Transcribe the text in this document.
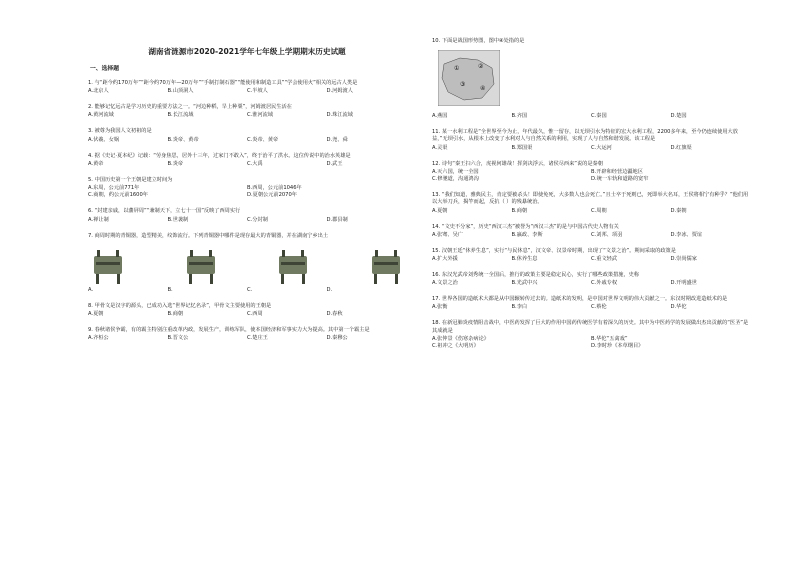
湖南省涟源市2020-2021学年七年级上学期期末历史试题
一、选择题
1. 与“距今约170万年”“距今约70万年—20万年”“手制打制石器”“能使用和制造工具”“学会使用火”相关的远古人类是
A.北京人	B.山顶洞人	C.半坡人	D.河姆渡人
2. 能够记忆远古是学习历史的重要方法之一。“河边种稻，旱上种粟”，河姆渡居民生活在
A.黄河流域	B.长江流域	C.淮河流域	D.珠江流域
3. 被尊为我国人文初祖的是
A.伏羲、女娲	B.炎帝、黄帝	C.炎帝、黄帝	D.尧、舜
4. 据《史记·夏本纪》记载：“劳身焦思，居外十三年，过家门不敢入”，终于治平了洪水。这位传说中的治水英雄是
A.黄帝	B.炎帝	C.大禹	D.武王
5. 中国历史第一个王朝是建立时间为
A.东周，公元前771年	B.西周，公元前1046年
C.商朝，约公元前1600年	D.夏朝公元前2070年
6. “封建亲戚，以藩屏周”“兼制天下，立七十一国”反映了西周实行
A.禅让制	B.世袭制	C.分封制	D.郡县制
7. 商周时期的青铜器，造型精美，纹饰流行。下列青铜器中哪件是现存最大的青铜器，并在湖南宁乡出土
A.	B.	C.	D.
8. 甲骨文是汉字的源头，已成功入选“世界记忆名录”，甲骨文主要使用的王朝是
A.夏朝	B.商朝	C.西周	D.春秋
9. 春秋诸侯争霸，有的霸主特别注重改革内政，发展生产，训练军队，使本国经济和军事实力大为提高。其中第一个霸主是
A.齐桓公	B.晋文公	C.楚庄王	D.秦穆公
10. 下面是战国形势图，图中④处指的是
①	②
③
④
A.燕国	B.齐国	C.秦国	D.楚国
11. 某一水利工程是“全世界至今为止，年代最久，惟一留存，以无坝引水为特征的宏大水利工程，2200多年来，至今仍连续使用大放益，”无坝引水，从根本上改变了水利对人与自然关系的利用，实现了人与自然和谐发展。该工程是
A.灵渠	B.郑国渠	C.大运河	D.红旗渠
12. 诗句“秦王扫六合，虎视何雄哉！挥剑决浮云，诸侯尽西来”说的是秦朝
A.灭六国，统一全国	B.开辟和经营边疆地区
C.修驰道，沟通鸿沟	D.统一车轨和道路的宽窄
13. “我们知道，雅典民主，肯定要被杀头！即使免死，大多数人也会死亡。”且士卒于死则已，死即举大名耳，王侯将相宁有种乎？”他们用以大举刀兵，揭竿而起，反抗（ ）的残暴统治。
A.夏朝	B.商朝	C.周朝	D.秦朝
14. “文史不分家”，历史“西汉三杰”被誉为“西汉三杰”的是与中国古代史人物有关
A.张骞、吴广	B.嬴政、李斯	C.刘邦、项羽	D.李冰、贾谊
15. 汉朝王廷“休养生息”，实行“与民休息”，汉文帝、汉景帝时期，出现了“文景之治”。期间采取的政策是
A.扩大外援	B.休养生息	C.重文轻武	D.崇尚儒家
16. 东汉光武帝刘秀统一全国后，推行的政策主要是稳定民心，实行了哪些政策措施，史称
A.文景之治	B.光武中兴	C.外戚专权	D.开明盛世
17. 世界各国的造纸术大都是从中国辗转传过去的。造纸术的发明，是中国对世界文明的伟大贡献之一。东汉时期改进造纸术的是
A.张衡	B.李白	C.蔡伦	D.华佗
18. 在新冠肺炎疫情阻击战中，中医药发挥了巨大的作用中国药传统医学有着深久的历史。其中为中医药学的发展做出杰出贡献的“医圣”是其成就是
A.张仲景《伤寒杂病论》	B.华佗“五禽戏”
C.祖冲之《大明历》	D.李时珍《本草纲目》
